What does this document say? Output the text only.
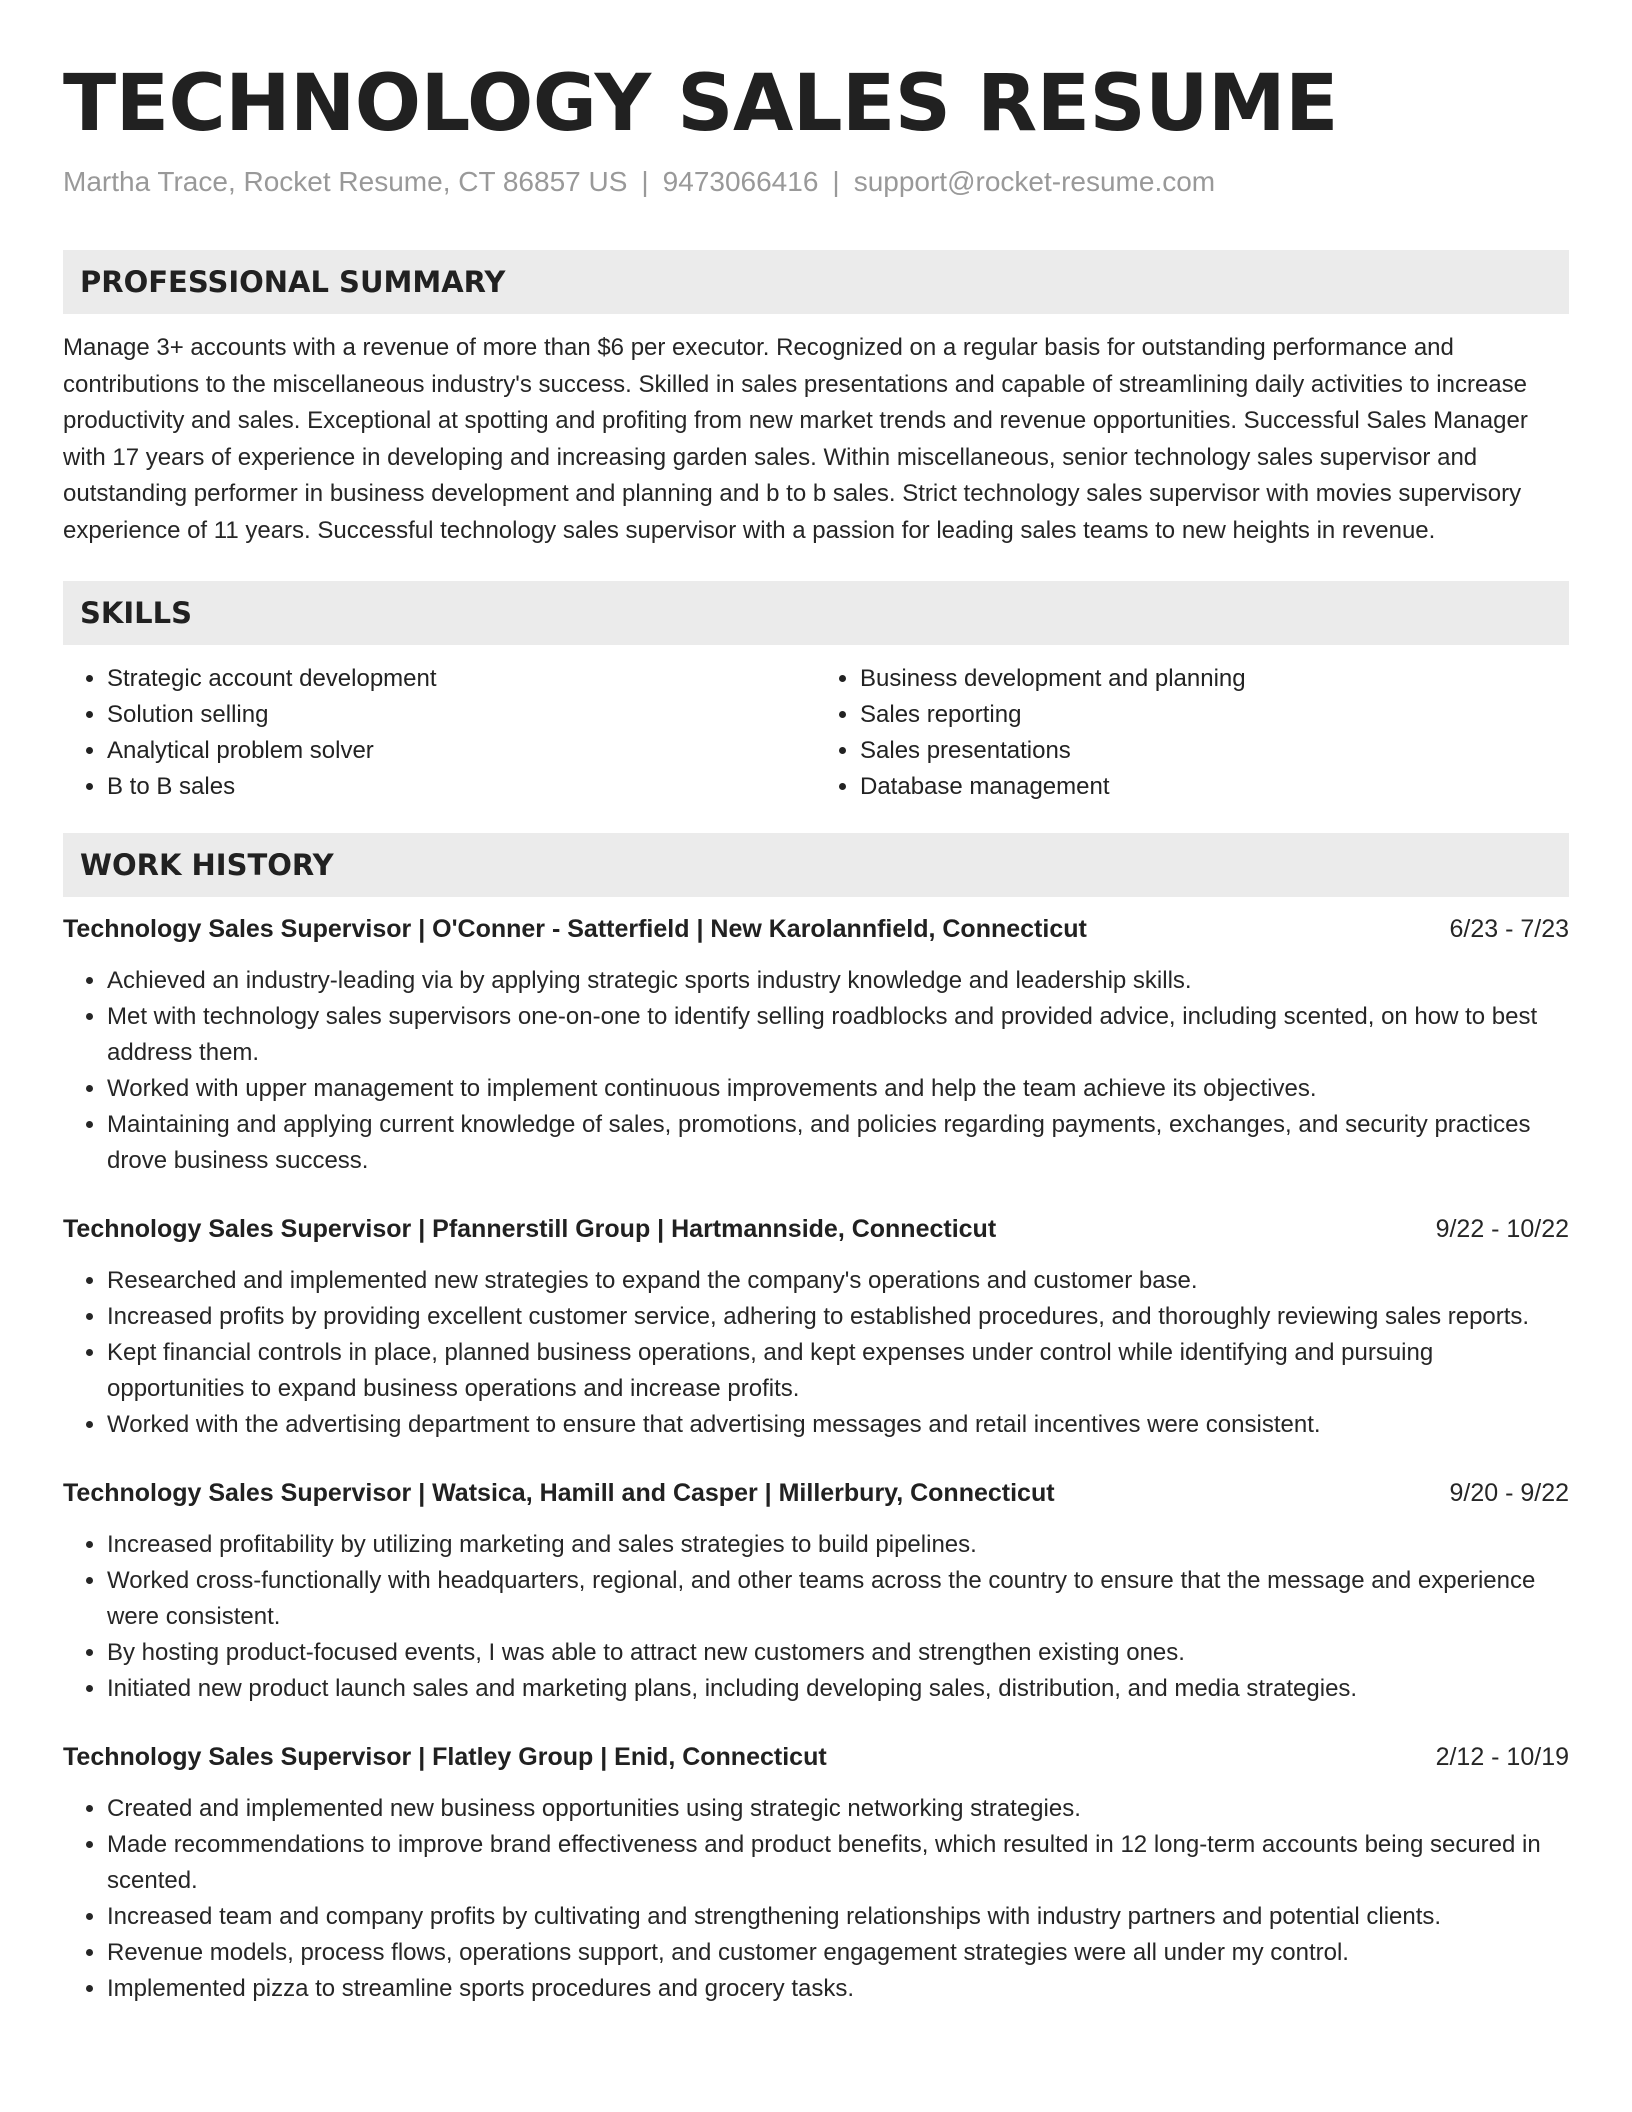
TECHNOLOGY SALES RESUME
Martha Trace, Rocket Resume, CT 86857 US | 9473066416 | support@rocket-resume.com
PROFESSIONAL SUMMARY

Manage 3+ accounts with a revenue of more than $6 per executor. Recognized on a regular basis for outstanding performance and contributions to the miscellaneous industry's success. Skilled in sales presentations and capable of streamlining daily activities to increase productivity and sales. Exceptional at spotting and profiting from new market trends and revenue opportunities. Successful Sales Manager with 17 years of experience in developing and increasing garden sales. Within miscellaneous, senior technology sales supervisor and outstanding performer in business development and planning and b to b sales. Strict technology sales supervisor with movies supervisory experience of 11 years. Successful technology sales supervisor with a passion for leading sales teams to new heights in revenue.

SKILLS
• Strategic account development
• Solution selling
• Analytical problem solver
• B to B sales
• Business development and planning
• Sales reporting
• Sales presentations
• Database management
WORK HISTORY
Technology Sales Supervisor | O'Conner - Satterfield | New Karolannfield, Connecticut	6/23 - 7/23
• Achieved an industry-leading via by applying strategic sports industry knowledge and leadership skills.
• Met with technology sales supervisors one-on-one to identify selling roadblocks and provided advice, including scented, on how to best address them.
• Worked with upper management to implement continuous improvements and help the team achieve its objectives.
• Maintaining and applying current knowledge of sales, promotions, and policies regarding payments, exchanges, and security practices drove business success.
Technology Sales Supervisor | Pfannerstill Group | Hartmannside, Connecticut	9/22 - 10/22
• Researched and implemented new strategies to expand the company's operations and customer base.
• Increased profits by providing excellent customer service, adhering to established procedures, and thoroughly reviewing sales reports.
• Kept financial controls in place, planned business operations, and kept expenses under control while identifying and pursuing opportunities to expand business operations and increase profits.
• Worked with the advertising department to ensure that advertising messages and retail incentives were consistent.
Technology Sales Supervisor | Watsica, Hamill and Casper | Millerbury, Connecticut	9/20 - 9/22
• Increased profitability by utilizing marketing and sales strategies to build pipelines.
• Worked cross-functionally with headquarters, regional, and other teams across the country to ensure that the message and experience were consistent.
• By hosting product-focused events, I was able to attract new customers and strengthen existing ones.
• Initiated new product launch sales and marketing plans, including developing sales, distribution, and media strategies.
Technology Sales Supervisor | Flatley Group | Enid, Connecticut	2/12 - 10/19
• Created and implemented new business opportunities using strategic networking strategies.
• Made recommendations to improve brand effectiveness and product benefits, which resulted in 12 long-term accounts being secured in scented.
• Increased team and company profits by cultivating and strengthening relationships with industry partners and potential clients.
• Revenue models, process flows, operations support, and customer engagement strategies were all under my control.
• Implemented pizza to streamline sports procedures and grocery tasks.
